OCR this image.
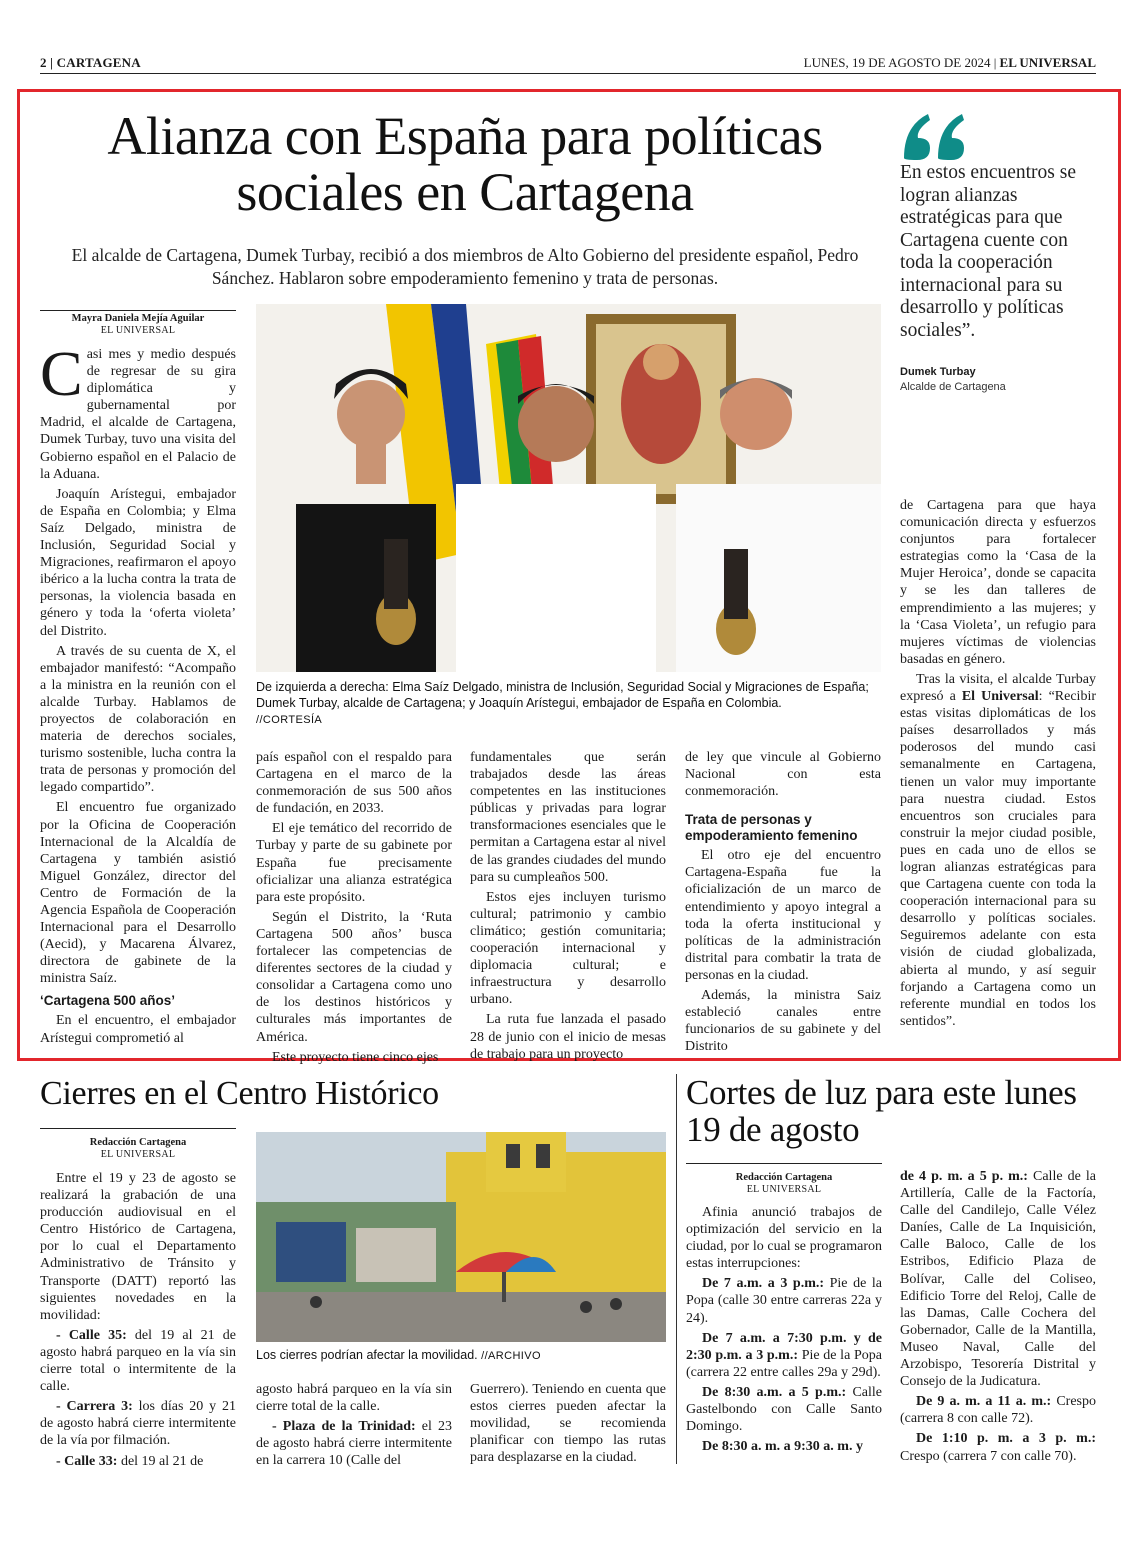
2 | CARTAGENA	LUNES, 19 DE AGOSTO DE 2024 | EL UNIVERSAL
Alianza con España para políticas sociales en Cartagena
El alcalde de Cartagena, Dumek Turbay, recibió a dos miembros de Alto Gobierno del presidente español, Pedro Sánchez. Hablaron sobre empoderamiento femenino y trata de personas.
Mayra Daniela Mejía Aguilar
EL UNIVERSAL

Casi mes y medio después de regresar de su gira diplomática y gubernamental por Madrid, el alcalde de Cartagena, Dumek Turbay, tuvo una visita del Gobierno español en el Palacio de la Aduana.

Joaquín Arístegui, embajador de España en Colombia; y Elma Saíz Delgado, ministra de Inclusión, Seguridad Social y Migraciones, reafirmaron el apoyo ibérico a la lucha contra la trata de personas, la violencia basada en género y toda la ‘oferta violeta’ del Distrito.

A través de su cuenta de X, el embajador manifestó: “Acompaño a la ministra en la reunión con el alcalde Turbay. Hablamos de proyectos de colaboración en materia de derechos sociales, turismo sostenible, lucha contra la trata de personas y promoción del legado compartido”.

El encuentro fue organizado por la Oficina de Cooperación Internacional de la Alcaldía de Cartagena y también asistió Miguel González, director del Centro de Formación de la Agencia Española de Cooperación Internacional para el Desarrollo (Aecid), y Macarena Álvarez, directora de gabinete de la ministra Saíz.

‘Cartagena 500 años’

En el encuentro, el embajador Arístegui comprometió al

De izquierda a derecha: Elma Saíz Delgado, ministra de Inclusión, Seguridad Social y Migraciones de España; Dumek Turbay, alcalde de Cartagena; y Joaquín Arístegui, embajador de España en Colombia.
//CORTESÍA

país español con el respaldo para Cartagena en el marco de la conmemoración de sus 500 años de fundación, en 2033.

El eje temático del recorrido de Turbay y parte de su gabinete por España fue precisamente oficializar una alianza estratégica para este propósito.

Según el Distrito, la ‘Ruta Cartagena 500 años’ busca fortalecer las competencias de diferentes sectores de la ciudad y consolidar a Cartagena como uno de los destinos históricos y culturales más importantes de América.

Este proyecto tiene cinco ejes

fundamentales que serán trabajados desde las áreas competentes en las instituciones públicas y privadas para lograr transformaciones esenciales que le permitan a Cartagena estar al nivel de las grandes ciudades del mundo para su cumpleaños 500.

Estos ejes incluyen turismo cultural; patrimonio y cambio climático; gestión comunitaria; cooperación internacional y diplomacia cultural; e infraestructura y desarrollo urbano.

La ruta fue lanzada el pasado 28 de junio con el inicio de mesas de trabajo para un proyecto

de ley que vincule al Gobierno Nacional con esta conmemoración.

Trata de personas y empoderamiento femenino

El otro eje del encuentro Cartagena-España fue la oficialización de un marco de entendimiento y apoyo integral a toda la oferta institucional y políticas de la administración distrital para combatir la trata de personas en la ciudad.

Además, la ministra Saiz estableció canales entre funcionarios de su gabinete y del Distrito

de Cartagena para que haya comunicación directa y esfuerzos conjuntos para fortalecer estrategias como la ‘Casa de la Mujer Heroica’, donde se capacita y se les dan talleres de emprendimiento a las mujeres; y la ‘Casa Violeta’, un refugio para mujeres víctimas de violencias basadas en género.

Tras la visita, el alcalde Turbay expresó a El Universal: “Recibir estas visitas diplomáticas de los países desarrollados y más poderosos del mundo casi semanalmente en Cartagena, tienen un valor muy importante para nuestra ciudad. Estos encuentros son cruciales para construir la mejor ciudad posible, pues en cada uno de ellos se logran alianzas estratégicas para que Cartagena cuente con toda la cooperación internacional para su desarrollo y políticas sociales. Seguiremos adelante con esta visión de ciudad globalizada, abierta al mundo, y así seguir forjando a Cartagena como un referente mundial en todos los sentidos”.

En estos encuentros se logran alianzas estratégicas para que Cartagena cuente con toda la cooperación internacional para su desarrollo y políticas sociales”.
Dumek Turbay
Alcalde de Cartagena
Cierres en el Centro Histórico
Redacción Cartagena
EL UNIVERSAL

Entre el 19 y 23 de agosto se realizará la grabación de una producción audiovisual en el Centro Histórico de Cartagena, por lo cual el Departamento Administrativo de Tránsito y Transporte (DATT) reportó las siguientes novedades en la movilidad:

- Calle 35: del 19 al 21 de agosto habrá parqueo en la vía sin cierre total o intermitente de la calle.

- Carrera 3: los días 20 y 21 de agosto habrá cierre intermitente de la vía por filmación.

- Calle 33: del 19 al 21 de

Los cierres podrían afectar la movilidad. //ARCHIVO

agosto habrá parqueo en la vía sin cierre total de la calle.

- Plaza de la Trinidad: el 23 de agosto habrá cierre intermitente en la carrera 10 (Calle del

Guerrero). Teniendo en cuenta que estos cierres pueden afectar la movilidad, se recomienda planificar con tiempo las rutas para desplazarse en la ciudad.

Cortes de luz para este lunes 19 de agosto
Redacción Cartagena
EL UNIVERSAL

Afinia anunció trabajos de optimización del servicio en la ciudad, por lo cual se programaron estas interrupciones:

De 7 a.m. a 3 p.m.: Pie de la Popa (calle 30 entre carreras 22a y 24).

De 7 a.m. a 7:30 p.m. y de 2:30 p.m. a 3 p.m.: Pie de la Popa (carrera 22 entre calles 29a y 29d).

De 8:30 a.m. a 5 p.m.: Calle Gastelbondo con Calle Santo Domingo.

De 8:30 a. m. a 9:30 a. m. y

de 4 p. m. a 5 p. m.: Calle de la Artillería, Calle de la Factoría, Calle del Candilejo, Calle Vélez Daníes, Calle de La Inquisición, Calle Baloco, Calle de los Estribos, Edificio Plaza de Bolívar, Calle del Coliseo, Edificio Torre del Reloj, Calle de las Damas, Calle Cochera del Gobernador, Calle de la Mantilla, Museo Naval, Calle del Arzobispo, Tesorería Distrital y Consejo de la Judicatura.

De 9 a. m. a 11 a. m.: Crespo (carrera 8 con calle 72).

De 1:10 p. m. a 3 p. m.: Crespo (carrera 7 con calle 70).
